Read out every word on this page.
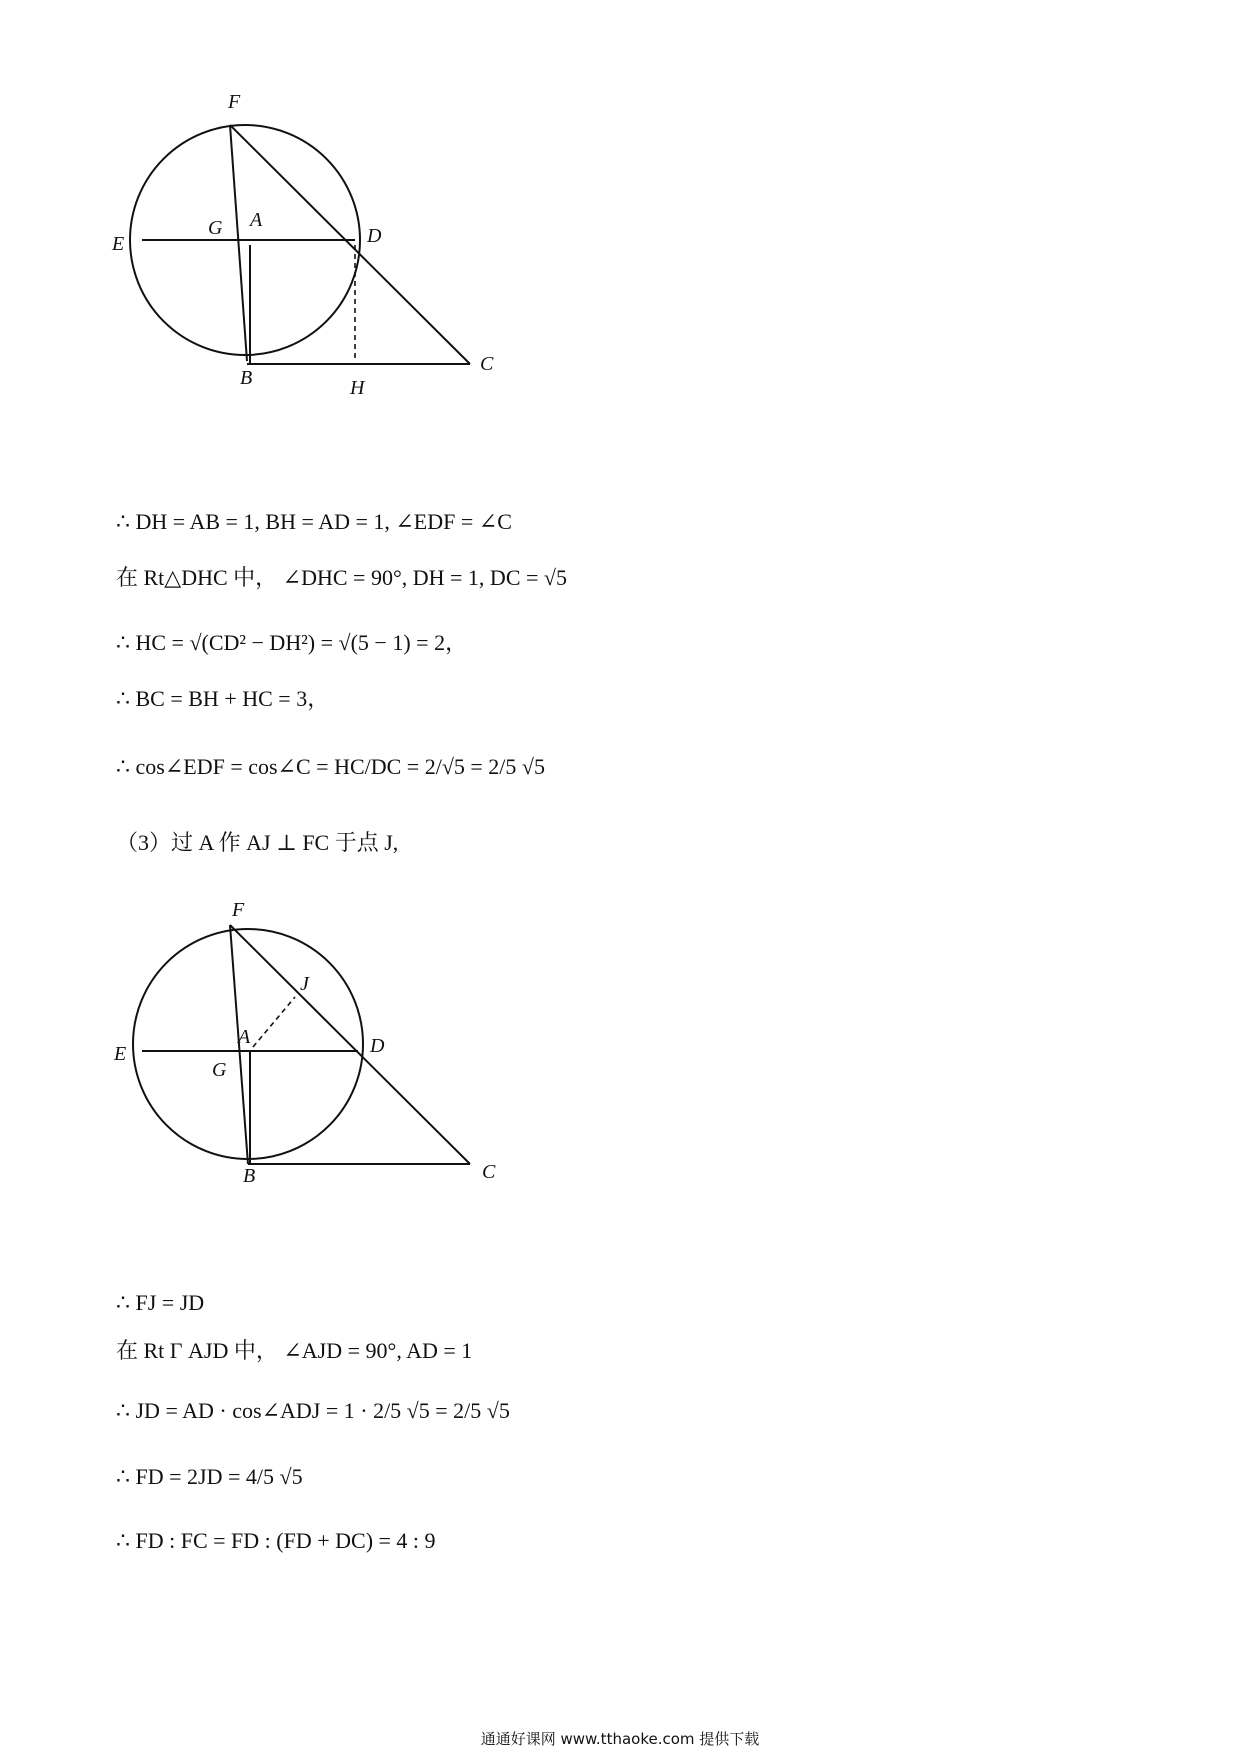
F
E
G A
D
B	H
C
∴ DH = AB = 1, BH = AD = 1, ∠EDF = ∠C
在 Rt△DHC 中， ∠DHC = 90°, DH = 1, DC = √5
∴ HC = √(CD² − DH²) = √(5 − 1) = 2，
∴ BC = BH + HC = 3，
∴ cos∠EDF = cos∠C = HC/DC = 2/√5 = 2/5 √5
（3）过 A 作 AJ ⊥ FC 于点 J,
F
J
E
A
G
D
B	C
∴ FJ = JD
在 Rt Γ AJD 中， ∠AJD = 90°, AD = 1
∴ JD = AD · cos∠ADJ = 1 · 2/5 √5 = 2/5 √5
∴ FD = 2JD = 4/5 √5
∴ FD : FC = FD : (FD + DC) = 4 : 9
通通好课网 www.tthaoke.com 提供下载
